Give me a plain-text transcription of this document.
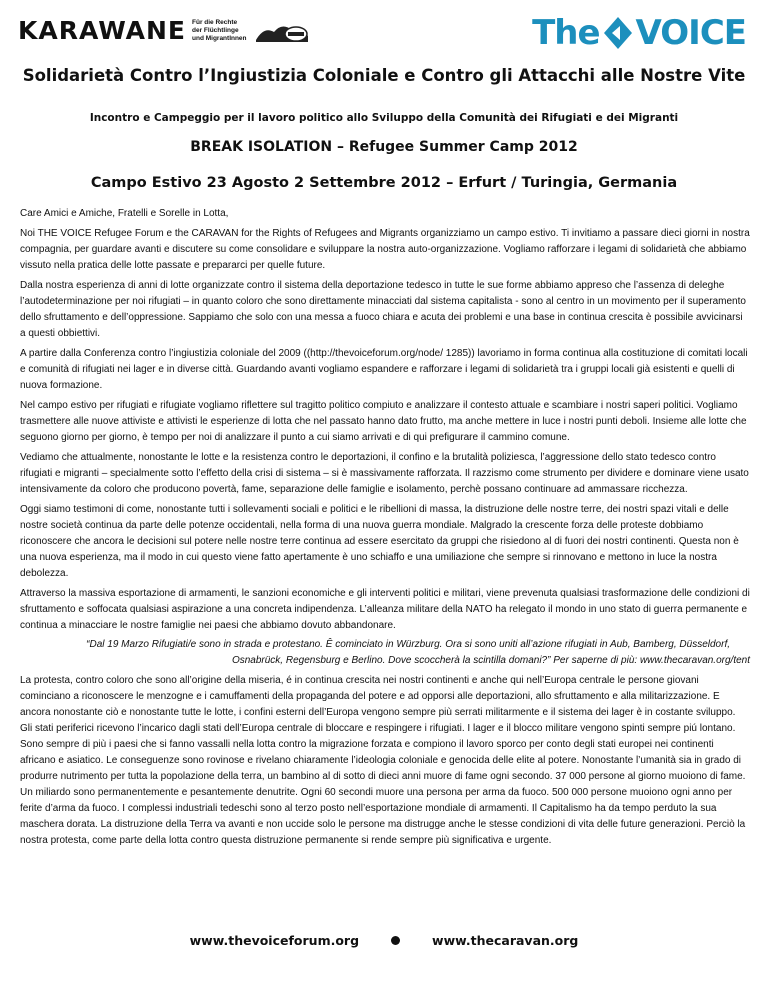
KARAWANE Für die Rechte der Flüchtlinge und MigrantInnen	The VOICE
Solidarietà Contro l’Ingiustizia Coloniale e Contro gli Attacchi alle Nostre Vite
Incontro e Campeggio per il lavoro politico allo Sviluppo della Comunità dei Rifugiati e dei Migranti
BREAK ISOLATION – Refugee Summer Camp 2012
Campo Estivo 23 Agosto 2 Settembre 2012 – Erfurt / Turingia, Germania

Care Amici e Amiche, Fratelli e Sorelle in Lotta,

Noi THE VOICE Refugee Forum e the CARAVAN for the Rights of Refugees and Migrants organizziamo un campo estivo. Ti invitiamo a passare dieci giorni in nostra compagnia, per guardare avanti e discutere su come consolidare e sviluppare la nostra auto-organizzazione. Vogliamo rafforzare i legami di solidarietà che abbiamo vissuto nella pratica delle lotte passate e prepararci per quelle future.

Dalla nostra esperienza di anni di lotte organizzate contro il sistema della deportazione tedesco in tutte le sue forme abbiamo appreso che l’assenza di deleghe l’autodeterminazione per noi rifugiati – in quanto coloro che sono direttamente minacciati dal sistema capitalista - sono al centro in un movimento per il superamento dello sfruttamento e dell’oppressione. Sappiamo che solo con una messa a fuoco chiara e acuta dei problemi e una base in continua crescita è possibile avvicinarsi a questi obbiettivi.

A partire dalla Conferenza contro l’ingiustizia coloniale del 2009 ((http://thevoiceforum.org/node/ 1285)) lavoriamo in forma continua alla costituzione di comitati locali e comunità di rifugiati nei lager e in diverse città. Guardando avanti vogliamo espandere e rafforzare i legami di solidarietà tra i gruppi locali già esistenti e quelli di nuova formazione.

Nel campo estivo per rifugiati e rifugiate vogliamo riflettere sul tragitto politico compiuto e analizzare il contesto attuale e scambiare i nostri saperi politici. Vogliamo trasmettere alle nuove attiviste e attivisti le esperienze di lotta che nel passato hanno dato frutto, ma anche mettere in luce i nostri punti deboli. Insieme alle lotte che seguono giorno per giorno, è tempo per noi di analizzare il punto a cui siamo arrivati e di qui prefigurare il cammino comune.

Vediamo che attualmente, nonostante le lotte e la resistenza contro le deportazioni, il confino e la brutalità poliziesca, l’aggressione dello stato tedesco contro rifugiati e migranti – specialmente sotto l’effetto della crisi di sistema – si è massivamente rafforzata. Il razzismo come strumento per dividere e dominare viene usato intensivamente da coloro che producono povertà, fame, separazione delle famiglie e isolamento, perchè possano continuare ad ammassare ricchezza.

Oggi siamo testimoni di come, nonostante tutti i sollevamenti sociali e politici e le ribellioni di massa, la distruzione delle nostre terre, dei nostri spazi vitali e delle nostre società continua da parte delle potenze occidentali, nella forma di una nuova guerra mondiale. Malgrado la crescente forza delle proteste dobbiamo riconoscere che ancora le decisioni sul potere nelle nostre terre continua ad essere esercitato da gruppi che risiedono al di fuori dei nostri continenti. Questa non è una nuova esperienza, ma il modo in cui questo viene fatto apertamente è uno schiaffo e una umiliazione che sempre si rinnovano e mettono in luce la nostra debolezza.

Attraverso la massiva esportazione di armamenti, le sanzioni economiche e gli interventi politici e militari, viene prevenuta qualsiasi trasformazione delle condizioni di sfruttamento e soffocata qualsiasi aspirazione a una concreta indipendenza. L’alleanza militare della NATO ha relegato il mondo in uno stato di guerra permanente e continua a minacciare le nostre famiglie nei paesi che abbiamo dovuto abbandonare.

“Dal 19 Marzo Rifugiati/e sono in strada e protestano. Ê cominciato in Würzburg. Ora si sono uniti all’azione rifugiati in Aub, Bamberg, Düsseldorf,
Osnabrück, Regensburg e Berlino. Dove scoccherà la scintilla domani?” Per saperne di più: www.thecaravan.org/tent

La protesta, contro coloro che sono all’origine della miseria, é in continua crescita nei nostri continenti e anche qui nell’Europa centrale le persone giovani cominciano a riconoscere le menzogne e i camuffamenti della propaganda del potere e ad opporsi alle deportazioni, allo sfruttamento e alla militarizzazione. E ancora nonostante ciò e nonostante tutte le lotte, i confini esterni dell’Europa vengono sempre più serrati militarmente e il sistema dei lager è in costante sviluppo. Gli stati periferici ricevono l’incarico dagli stati dell’Europa centrale di bloccare e respingere i rifugiati. I lager e il blocco militare vengono spinti sempre piú lontano. Sono sempre di più i paesi che si fanno vassalli nella lotta contro la migrazione forzata e compiono il lavoro sporco per conto degli stati europei nei continenti africano e asiatico. Le conseguenze sono rovinose e rivelano chiaramente l’ideologia coloniale e genocida delle elite al potere. Nonostante l’umanità sia in grado di produrre nutrimento per tutta la popolazione della terra, un bambino al di sotto di dieci anni muore di fame ogni secondo. 37 000 persone al giorno muoiono di fame. Un miliardo sono permanentemente e pesantemente denutrite. Ogni 60 secondi muore una persona per arma da fuoco. 500 000 persone muoiono ogni anno per ferite d’arma da fuoco. I complessi industriali tedeschi sono al terzo posto nell’esportazione mondiale di armamenti. Il Capitalismo ha da tempo perduto la sua maschera dorata. La distruzione della Terra va avanti e non uccide solo le persone ma distrugge anche le stesse condizioni di vita delle future generazioni. Perciò la nostra protesta, come parte della lotta contro questa distruzione permanente si rende sempre più significativa e urgente.

www.thevoiceforum.org	www.thecaravan.org
